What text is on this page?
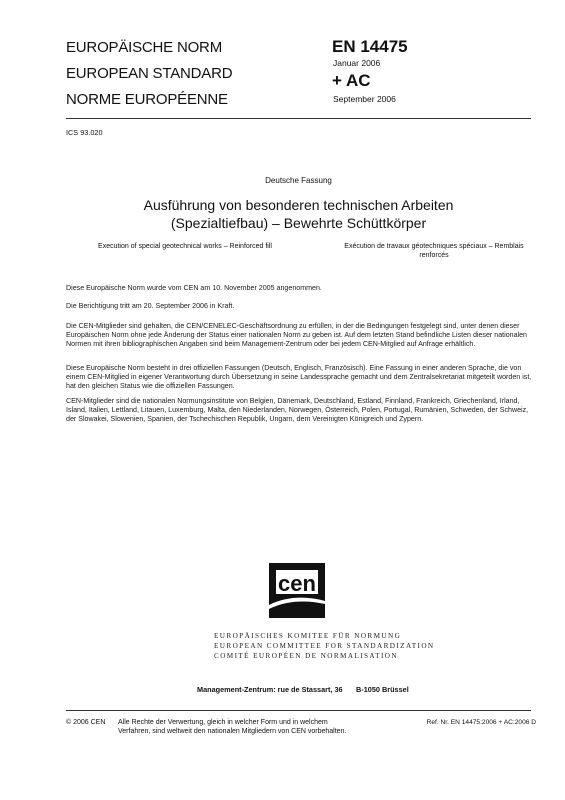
EUROPÄISCHE NORM
EUROPEAN STANDARD
NORME EUROPÉENNE
EN 14475
Januar 2006
+ AC
September 2006
ICS 93.020
Deutsche Fassung
Ausführung von besonderen technischen Arbeiten
(Spezialtiefbau) – Bewehrte Schüttkörper
Execution of special geotechnical works – Reinforced fill	Exécution de travaux géotechniques spéciaux – Remblais renforcés
Diese Europäische Norm wurde vom CEN am 10. November 2005 angenommen.
Die Berichtigung tritt am 20. September 2006 in Kraft.
Die CEN-Mitglieder sind gehalten, die CEN/CENELEC-Geschäftsordnung zu erfüllen, in der die Bedingungen festgelegt sind, unter denen dieser Europäischen Norm ohne jede Änderung der Status einer nationalen Norm zu geben ist. Auf dem letzten Stand befindliche Listen dieser nationalen Normen mit ihren bibliographischen Angaben sind beim Management-Zentrum oder bei jedem CEN-Mitglied auf Anfrage erhältlich.
Diese Europäische Norm besteht in drei offiziellen Fassungen (Deutsch, Englisch, Französisch). Eine Fassung in einer anderen Sprache, die von einem CEN-Mitglied in eigener Verantwortung durch Übersetzung in seine Landessprache gemacht und dem Zentralsekretariat mitgeteilt worden ist, hat den gleichen Status wie die offiziellen Fassungen.
CEN-Mitglieder sind die nationalen Normungsinstitute von Belgien, Dänemark, Deutschland, Estland, Finnland, Frankreich, Griechenland, Irland, Island, Italien, Lettland, Litauen, Luxemburg, Malta, den Niederlanden, Norwegen, Österreich, Polen, Portugal, Rumänien, Schweden, der Schweiz, der Slowakei, Slowenien, Spanien, der Tschechischen Republik, Ungarn, dem Vereinigten Königreich und Zypern.
cen
EUROPÄISCHES KOMITEE FÜR NORMUNG
EUROPEAN COMMITTEE FOR STANDARDIZATION
COMITÉ EUROPÉEN DE NORMALISATION
Management-Zentrum: rue de Stassart, 36 B-1050 Brüssel
© 2006 CEN Alle Rechte der Verwertung, gleich in welcher Form und in welchem Verfahren, sind weltweit den nationalen Mitgliedern von CEN vorbehalten.
Ref. Nr. EN 14475:2006 + AC:2006 D
